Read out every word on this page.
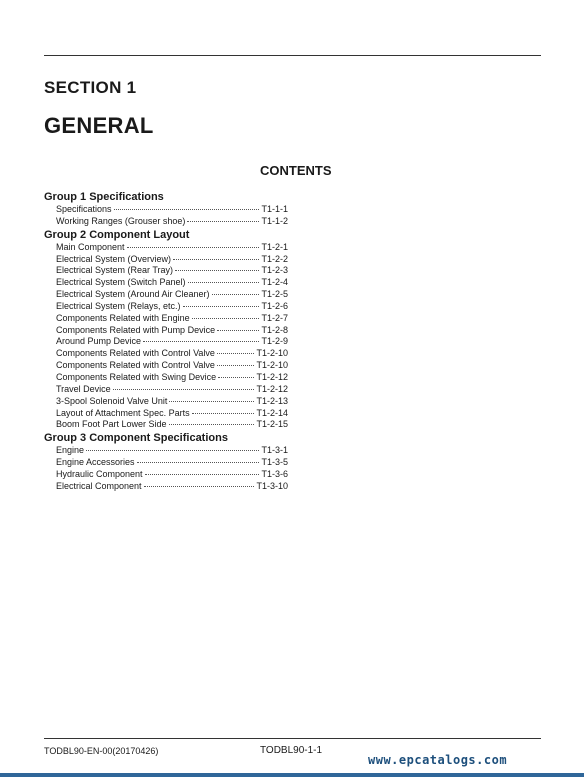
SECTION 1
GENERAL
CONTENTS
Group 1 Specifications
Specifications	T1-1-1
Working Ranges (Grouser shoe)	T1-1-2
Group 2 Component Layout
Main Component	T1-2-1
Electrical System (Overview)	T1-2-2
Electrical System (Rear Tray)	T1-2-3
Electrical System (Switch Panel)	T1-2-4
Electrical System (Around Air Cleaner)	T1-2-5
Electrical System (Relays, etc.)	T1-2-6
Components Related with Engine	T1-2-7
Components Related with Pump Device	T1-2-8
Around Pump Device	T1-2-9
Components Related with Control Valve	T1-2-10
Components Related with Control Valve	T1-2-10
Components Related with Swing Device	T1-2-12
Travel Device	T1-2-12
3-Spool Solenoid Valve Unit	T1-2-13
Layout of Attachment Spec. Parts	T1-2-14
Boom Foot Part Lower Side	T1-2-15
Group 3 Component Specifications
Engine	T1-3-1
Engine Accessories	T1-3-5
Hydraulic Component	T1-3-6
Electrical Component	T1-3-10
TODBL90-EN-00(20170426)	TODBL90-1-1
www.epcatalogs.com
